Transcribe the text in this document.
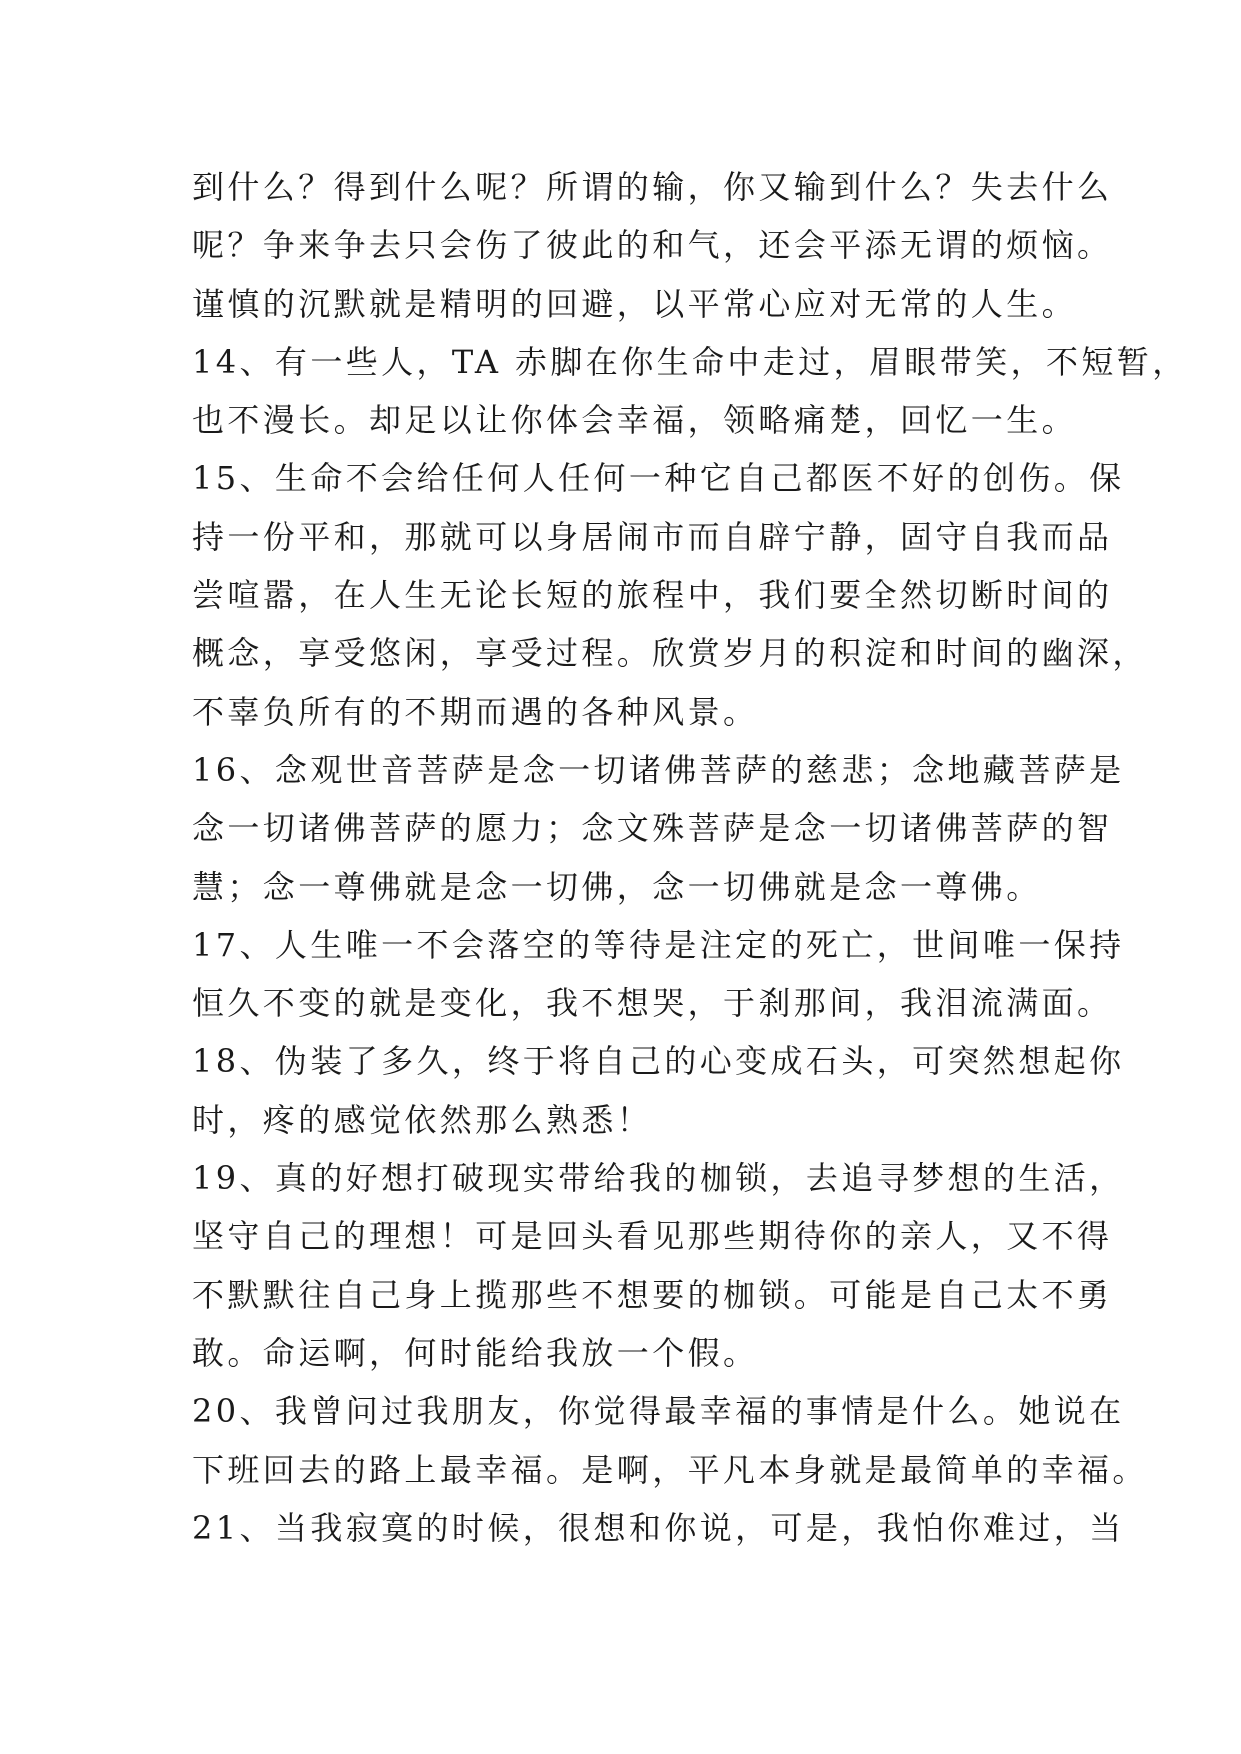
到什么？得到什么呢？所谓的输，你又输到什么？失去什么
呢？争来争去只会伤了彼此的和气，还会平添无谓的烦恼。
谨慎的沉默就是精明的回避，以平常心应对无常的人生。
14、有一些人，TA 赤脚在你生命中走过，眉眼带笑，不短暂，
也不漫长。却足以让你体会幸福，领略痛楚，回忆一生。
15、生命不会给任何人任何一种它自己都医不好的创伤。保
持一份平和，那就可以身居闹市而自辟宁静，固守自我而品
尝喧嚣，在人生无论长短的旅程中，我们要全然切断时间的
概念，享受悠闲，享受过程。欣赏岁月的积淀和时间的幽深，
不辜负所有的不期而遇的各种风景。
16、念观世音菩萨是念一切诸佛菩萨的慈悲；念地藏菩萨是
念一切诸佛菩萨的愿力；念文殊菩萨是念一切诸佛菩萨的智
慧；念一尊佛就是念一切佛，念一切佛就是念一尊佛。
17、人生唯一不会落空的等待是注定的死亡，世间唯一保持
恒久不变的就是变化，我不想哭，于刹那间，我泪流满面。
18、伪装了多久，终于将自己的心变成石头，可突然想起你
时，疼的感觉依然那么熟悉！
19、真的好想打破现实带给我的枷锁，去追寻梦想的生活，
坚守自己的理想！可是回头看见那些期待你的亲人，又不得
不默默往自己身上揽那些不想要的枷锁。可能是自己太不勇
敢。命运啊，何时能给我放一个假。
20、我曾问过我朋友，你觉得最幸福的事情是什么。她说在
下班回去的路上最幸福。是啊，平凡本身就是最简单的幸福。
21、当我寂寞的时候，很想和你说，可是，我怕你难过，当
